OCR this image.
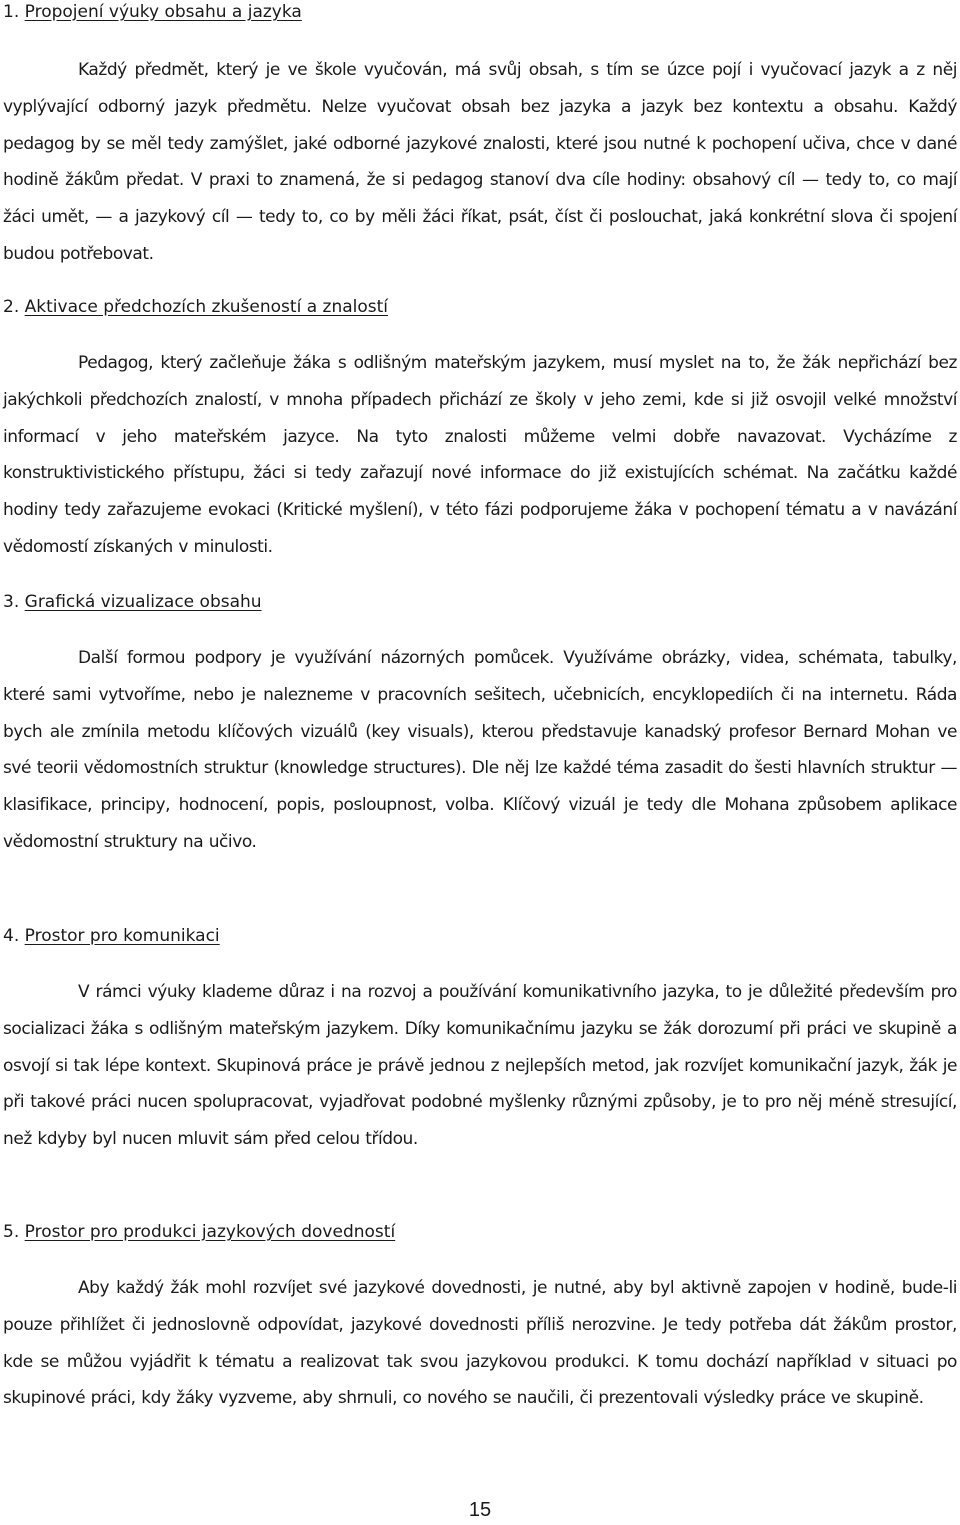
1. Propojení výuky obsahu a jazyka

Každý předmět, který je ve škole vyučován, má svůj obsah, s tím se úzce pojí i vyučovací jazyk a z něj vyplývající odborný jazyk předmětu. Nelze vyučovat obsah bez jazyka a jazyk bez kontextu a obsahu. Každý pedagog by se měl tedy zamýšlet, jaké odborné jazykové znalosti, které jsou nutné k pochopení učiva, chce v dané hodině žákům předat. V praxi to znamená, že si pedagog stanoví dva cíle hodiny: obsahový cíl — tedy to, co mají žáci umět, — a jazykový cíl — tedy to, co by měli žáci říkat, psát, číst či poslouchat, jaká konkrétní slova či spojení budou potřebovat.

2. Aktivace předchozích zkušeností a znalostí

Pedagog, který začleňuje žáka s odlišným mateřským jazykem, musí myslet na to, že žák nepřichází bez jakýchkoli předchozích znalostí, v mnoha případech přichází ze školy v jeho zemi, kde si již osvojil velké množství informací v jeho mateřském jazyce. Na tyto znalosti můžeme velmi dobře navazovat. Vycházíme z konstruktivistického přístupu, žáci si tedy zařazují nové informace do již existujících schémat. Na začátku každé hodiny tedy zařazujeme evokaci (Kritické myšlení), v této fázi podporujeme žáka v pochopení tématu a v navázání vědomostí získaných v minulosti.

3. Grafická vizualizace obsahu

Další formou podpory je využívání názorných pomůcek. Využíváme obrázky, videa, schémata, tabulky, které sami vytvoříme, nebo je nalezneme v pracovních sešitech, učebnicích, encyklopediích či na internetu. Ráda bych ale zmínila metodu klíčových vizuálů (key visuals), kterou představuje kanadský profesor Bernard Mohan ve své teorii vědomostních struktur (knowledge structures). Dle něj lze každé téma zasadit do šesti hlavních struktur — klasifikace, principy, hodnocení, popis, posloupnost, volba. Klíčový vizuál je tedy dle Mohana způsobem aplikace vědomostní struktury na učivo.

4. Prostor pro komunikaci

V rámci výuky klademe důraz i na rozvoj a používání komunikativního jazyka, to je důležité především pro socializaci žáka s odlišným mateřským jazykem. Díky komunikačnímu jazyku se žák dorozumí při práci ve skupině a osvojí si tak lépe kontext. Skupinová práce je právě jednou z nejlepších metod, jak rozvíjet komunikační jazyk, žák je při takové práci nucen spolupracovat, vyjadřovat podobné myšlenky různými způsoby, je to pro něj méně stresující, než kdyby byl nucen mluvit sám před celou třídou.

5. Prostor pro produkci jazykových dovedností

Aby každý žák mohl rozvíjet své jazykové dovednosti, je nutné, aby byl aktivně zapojen v hodině, bude-li pouze přihlížet či jednoslovně odpovídat, jazykové dovednosti příliš nerozvine. Je tedy potřeba dát žákům prostor, kde se můžou vyjádřit k tématu a realizovat tak svou jazykovou produkci. K tomu dochází například v situaci po skupinové práci, kdy žáky vyzveme, aby shrnuli, co nového se naučili, či prezentovali výsledky práce ve skupině.

15
